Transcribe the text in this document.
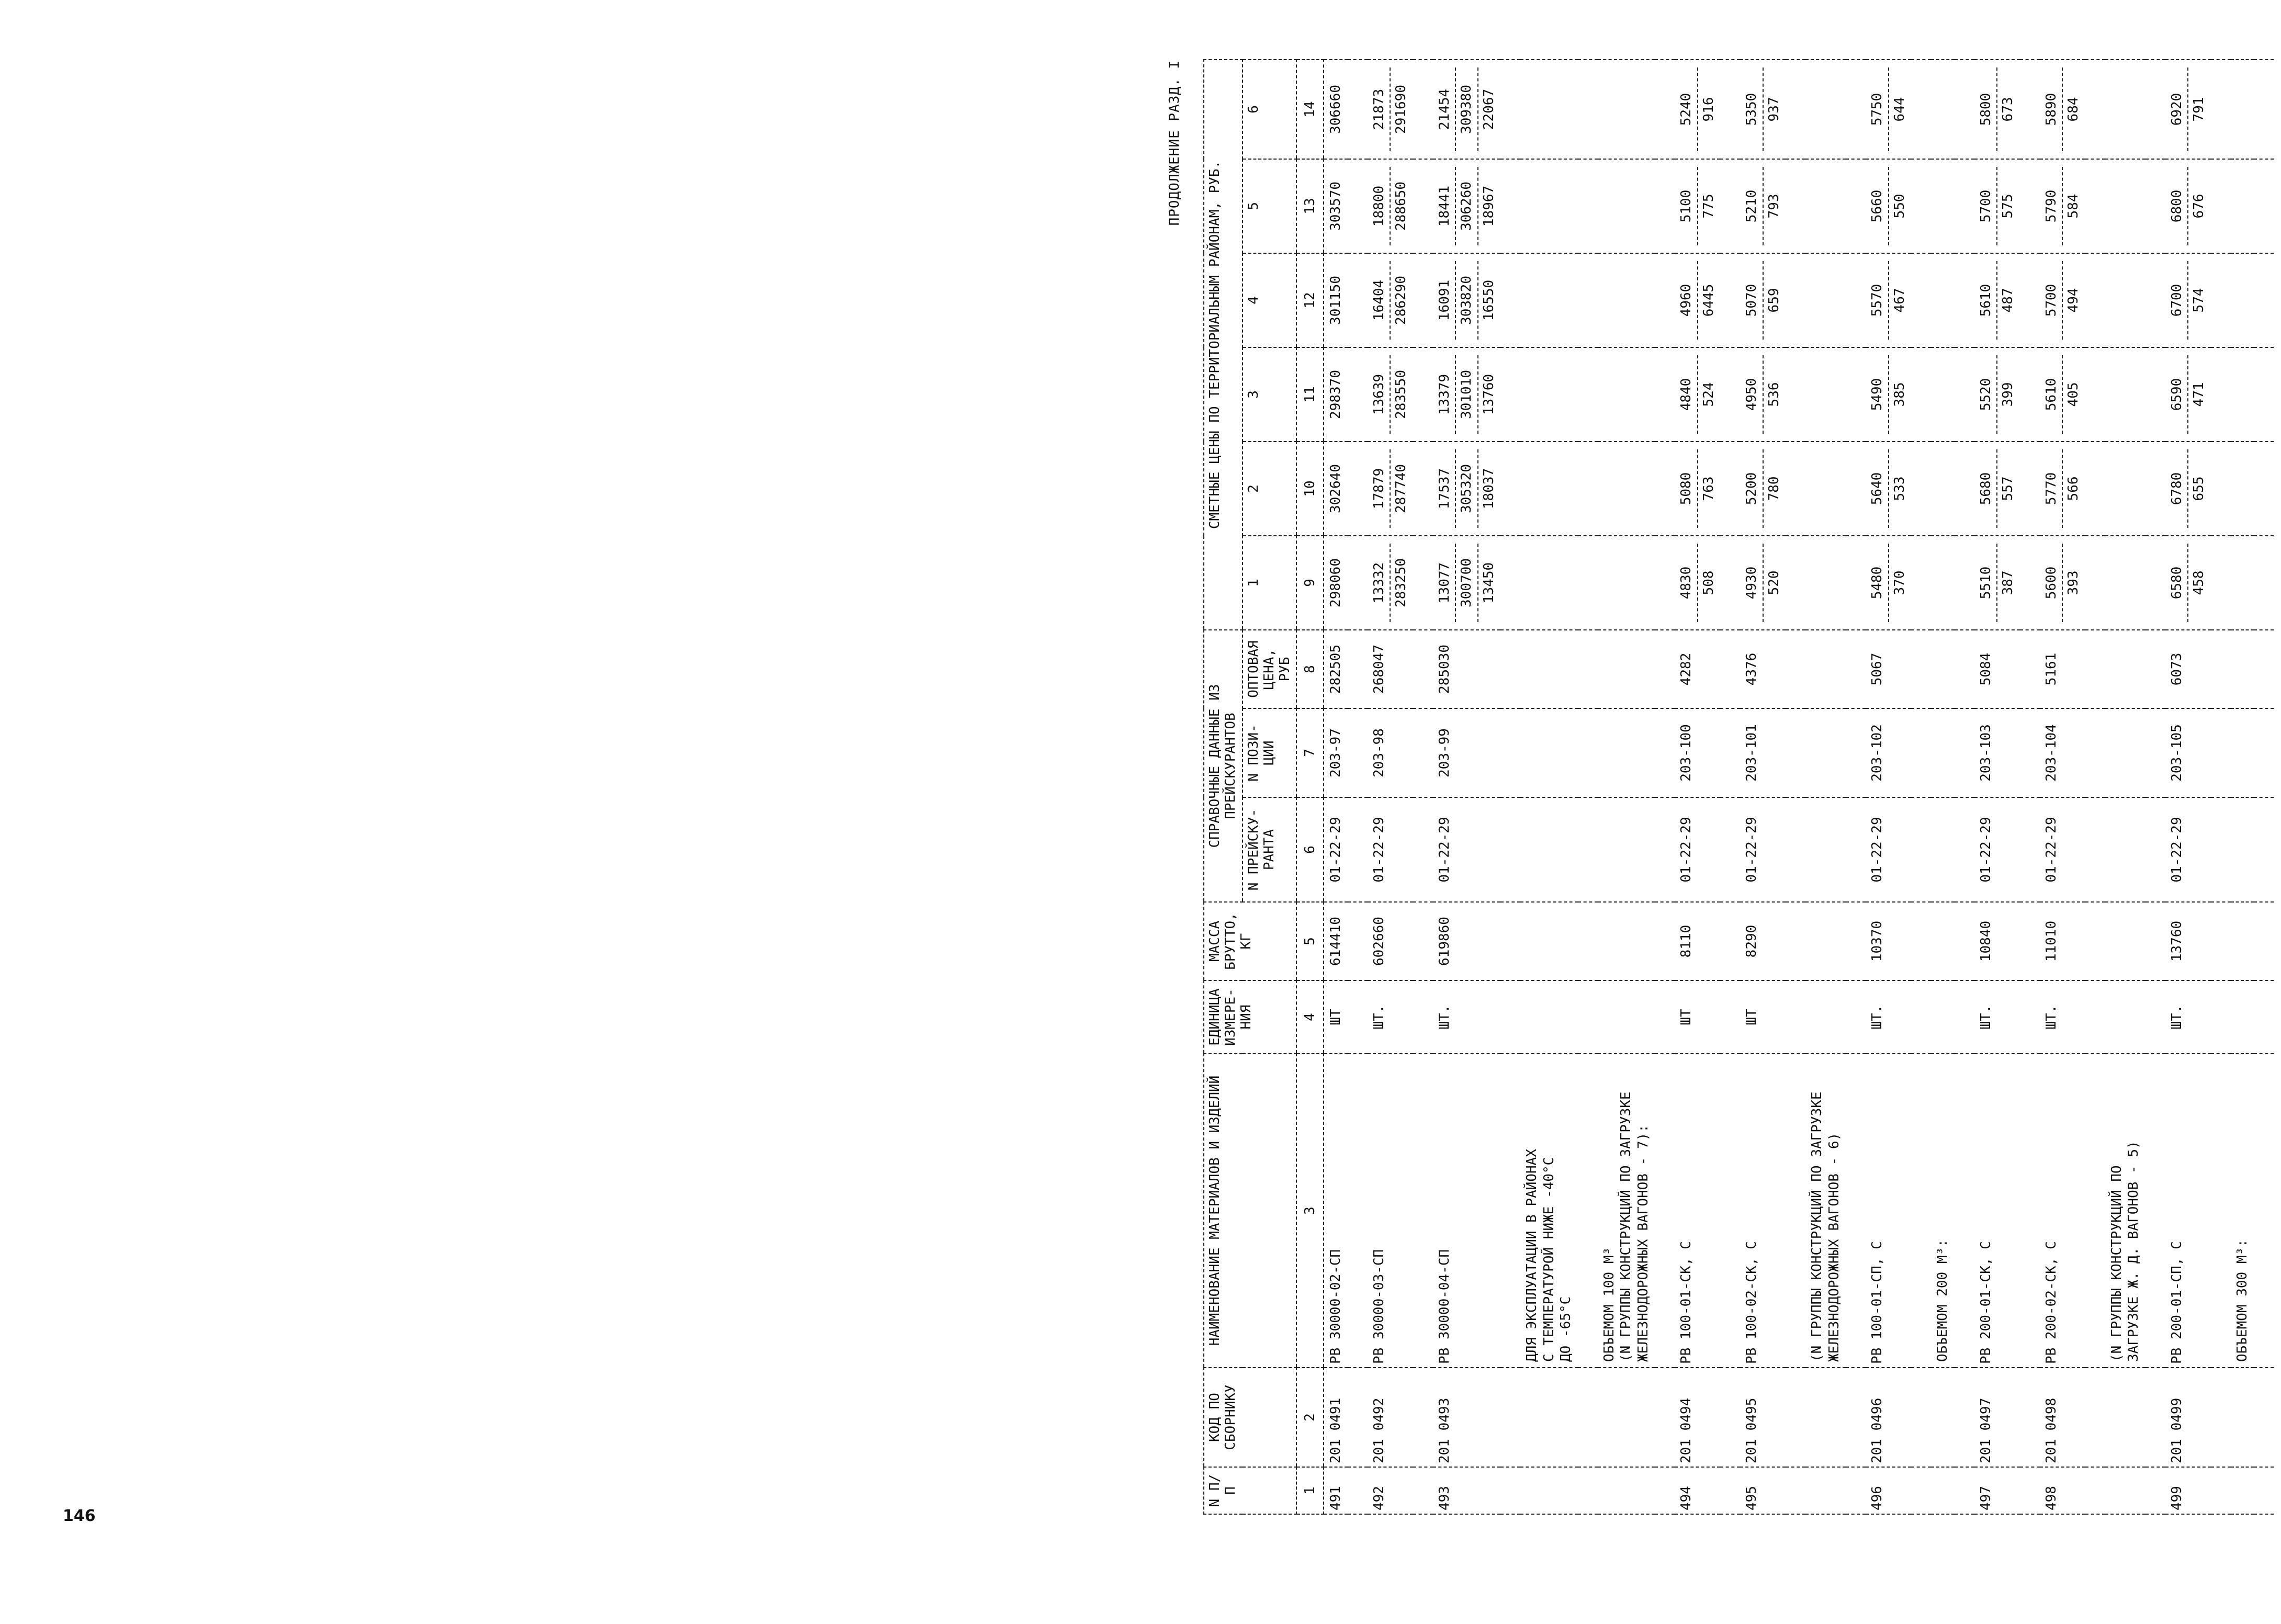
146
ПРОДОЛЖЕНИЕ РАЗД. I
N П/П	КОД ПО СБОРНИКУ	НАИМЕНОВАНИЕ МАТЕРИАЛОВ И ИЗДЕЛИЙ	ЕДИНИЦА ИЗМЕРЕ-НИЯ	МАССА БРУТТО, КГ	СПРАВОЧНЫЕ ДАННЫЕ ИЗ ПРЕЙСКУРАНТОВ			СМЕТНЫЕ ЦЕНЫ ПО ТЕРРИТОРИАЛЬНЫМ РАЙОНАМ, РУБ.					
					N ПРЕЙСКУ-РАНТА	N ПОЗИ-ЦИИ	ОПТОВАЯ ЦЕНА, РУБ	1	2	3	4	5	6
1	2	3	4	5	6	7	8	9	10	11	12	13	14
491	201 0491	РВ 30000-02-СП	ШТ	614410	01-22-29	203-97	282505	298060	302640	298370	301150	303570	306660

492	201 0492	РВ 30000-03-СП	ШТ.	602660	01-22-29	203-98	268047	13332 283250	17879 287740	13639 283550	16404 286290	18800 288650	21873 291690

493	201 0493	РВ 30000-04-СП	ШТ.	619860	01-22-29	203-99	285030	13077 300700 13450	17537 305320 18037	13379 301010 13760	16091 303820 16550	18441 306260 18967	21454 309380 22067

		ДЛЯ ЭКСПЛУАТАЦИИ В РАЙОНАХ
С ТЕМПЕРАТУРОЙ НИЖЕ -40°С
ДО -65°С											

		ОБЪЕМОМ 100 М³
(N ГРУППЫ КОНСТРУКЦИЙ ПО ЗАГРУЗКЕ
ЖЕЛЕЗНОДОРОЖНЫХ ВАГОНОВ - 7):											

494	201 0494	РВ 100-01-СК, С	ШТ	8110	01-22-29	203-100	4282	4830 508	5080 763	4840 524	4960 6445	5100 775	5240 916

495	201 0495	РВ 100-02-СК, С	ШТ	8290	01-22-29	203-101	4376	4930 520	5200 780	4950 536	5070 659	5210 793	5350 937

		(N ГРУППЫ КОНСТРУКЦИЙ ПО ЗАГРУЗКЕ
ЖЕЛЕЗНОДОРОЖНЫХ ВАГОНОВ - 6)											

496	201 0496	РВ 100-01-СП, С	ШТ.	10370	01-22-29	203-102	5067	5480 370	5640 533	5490 385	5570 467	5660 550	5750 644

		ОБЪЕМОМ 200 М³:											

497	201 0497	РВ 200-01-СК, С	ШТ.	10840	01-22-29	203-103	5084	5510 387	5680 557	5520 399	5610 487	5700 575	5800 673

498	201 0498	РВ 200-02-СК, С	ШТ.	11010	01-22-29	203-104	5161	5600 393	5770 566	5610 405	5700 494	5790 584	5890 684

		(N ГРУППЫ КОНСТРУКЦИЙ ПО
ЗАГРУЗКЕ Ж. Д. ВАГОНОВ - 5)											

499	201 0499	РВ 200-01-СП, С	ШТ.	13760	01-22-29	203-105	6073	6580 458	6780 655	6590 471	6700 574	6800 676	6920 791

		ОБЪЕМОМ 300 М³:											
